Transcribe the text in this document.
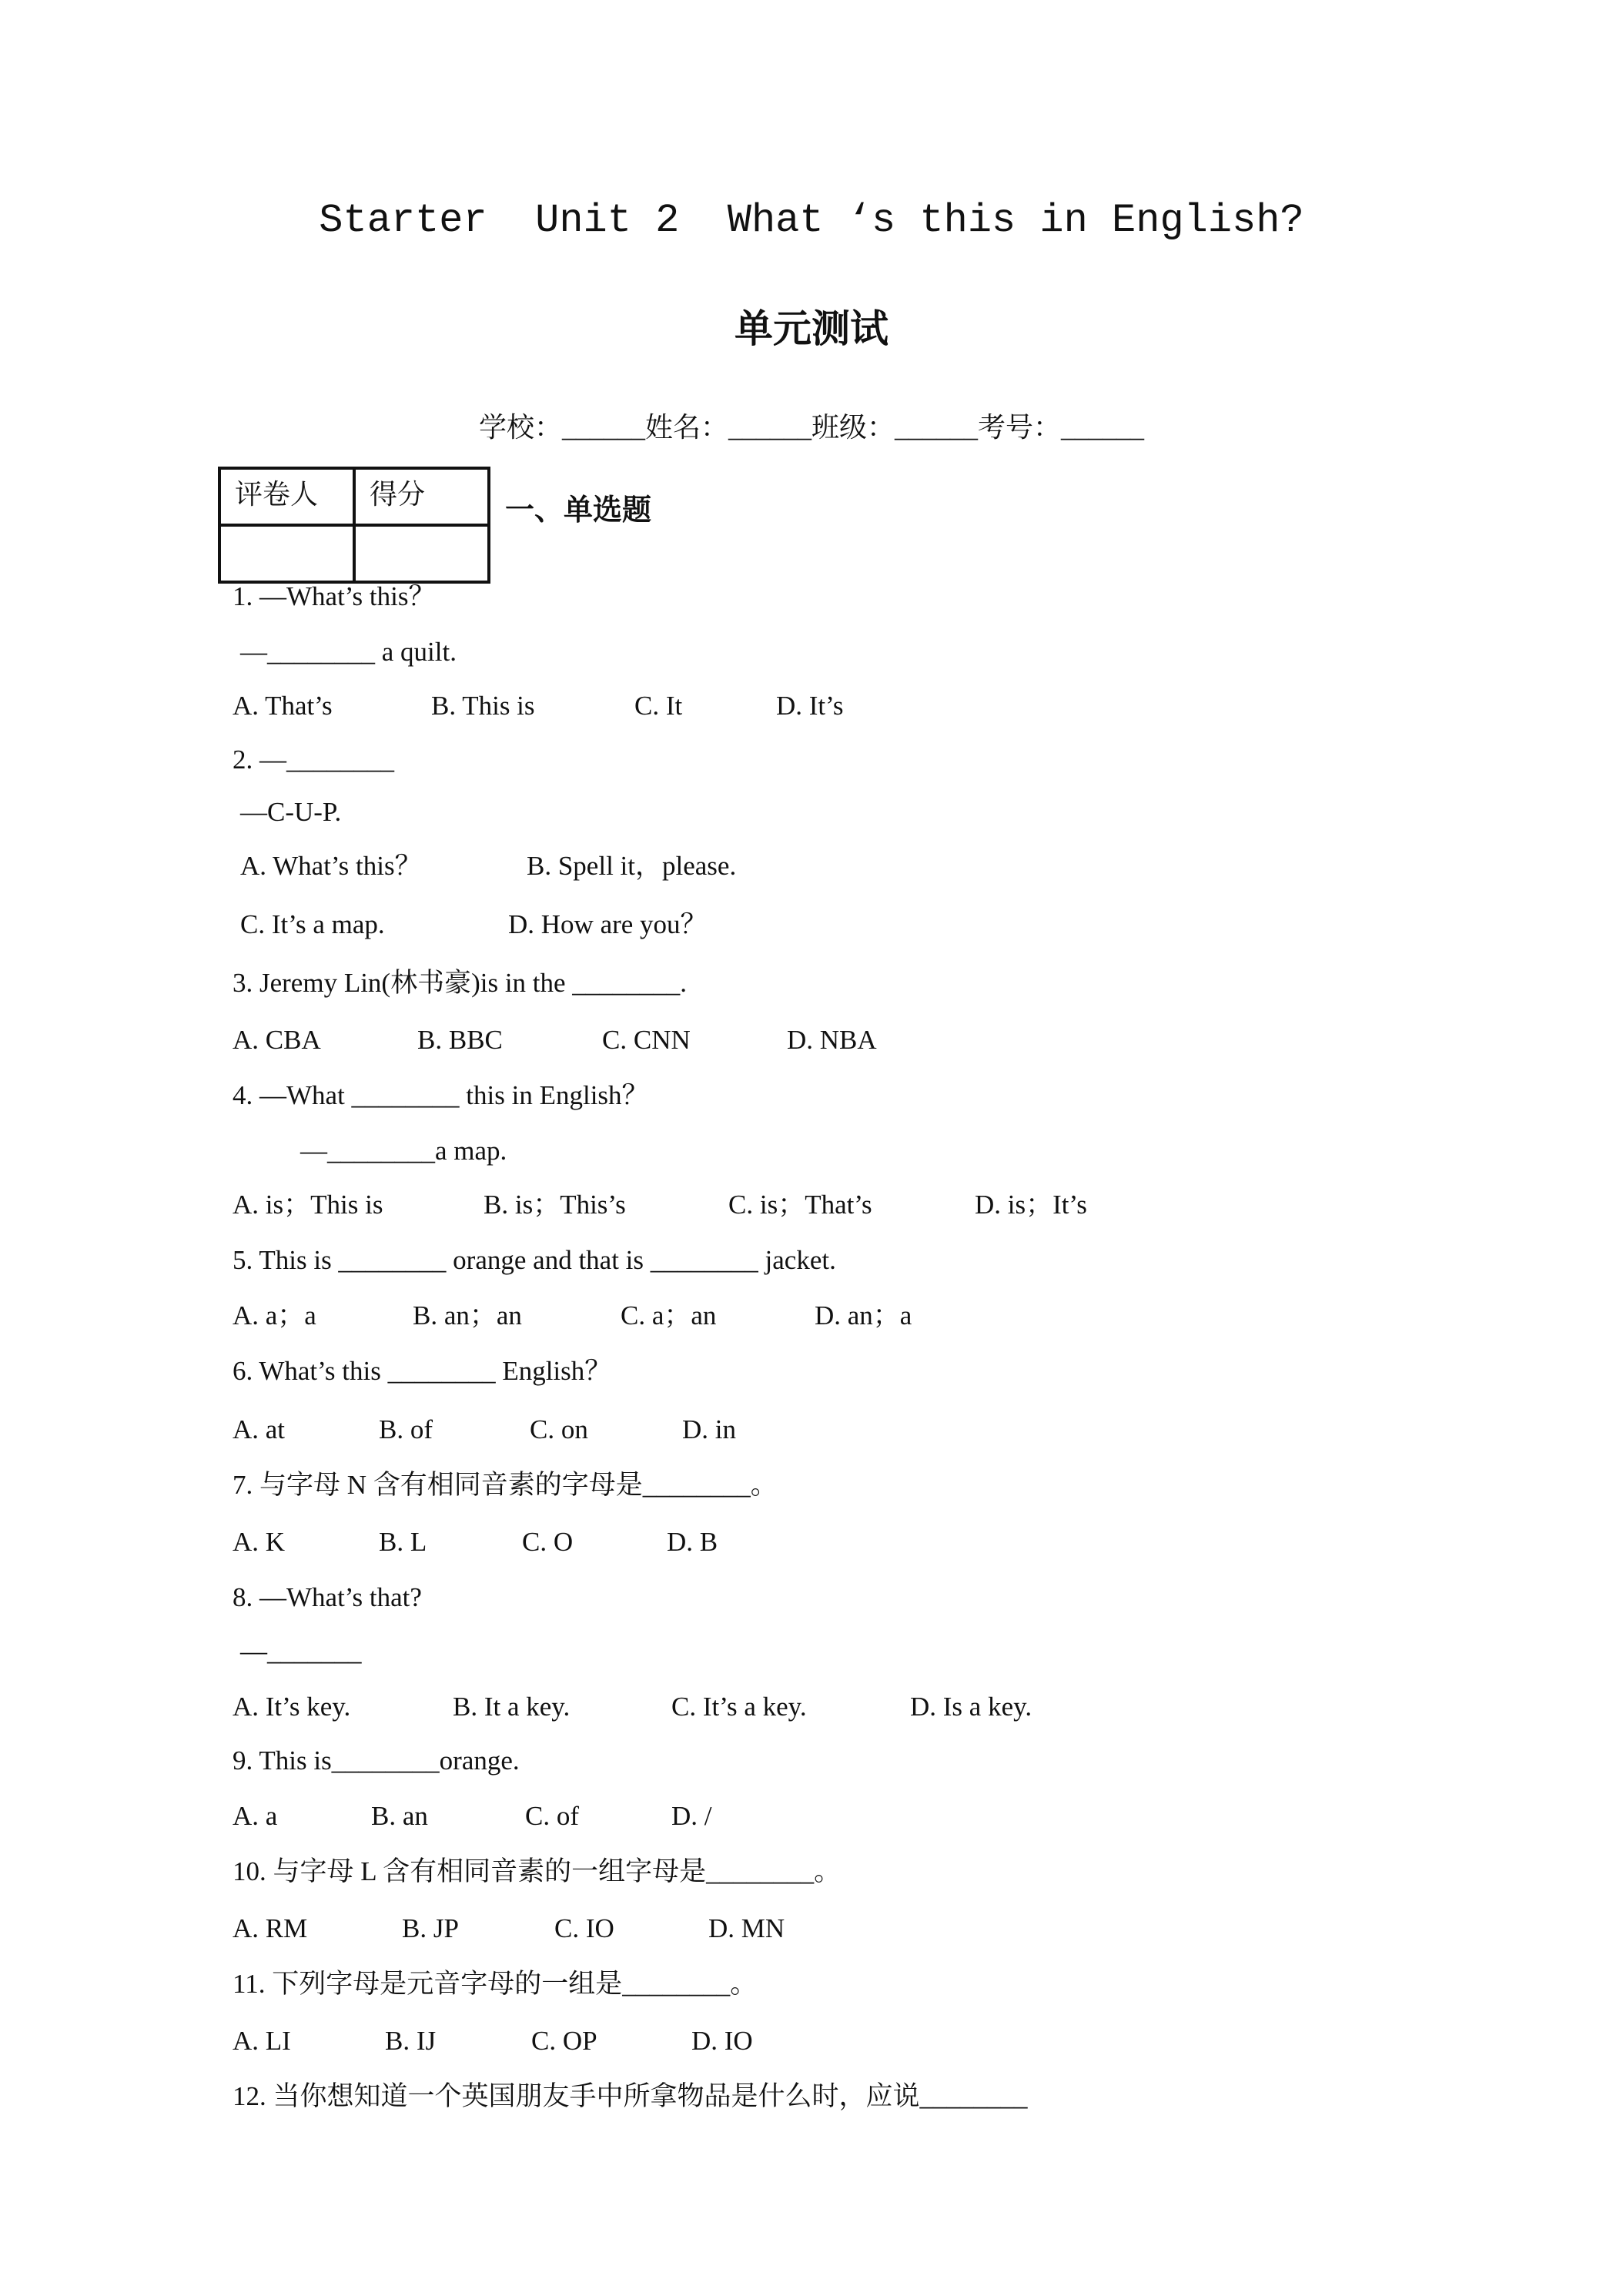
Starter  Unit 2  What ‘s this in English?
单元测试
学校：______姓名：______班级：______考号：______
评卷人	得分
		一、单选题
1. —What’s this？
—________ a quilt.
A. That’s	B. This is	C. It	D. It’s
2. —________
—C-U-P.
A. What’s this？	B. Spell it，please.
C. It’s a map.	D. How are you？
3. Jeremy Lin(林书豪)is in the ________.
A. CBA	B. BBC	C. CNN	D. NBA
4. —What ________ this in English？
—________a map.
A. is；This is	B. is；This’s	C. is；That’s	D. is；It’s
5. This is ________ orange and that is ________ jacket.
A. a；a	B. an；an	C. a；an	D. an；a
6. What’s this ________ English？
A. at	B. of	C. on	D. in
7. 与字母 N 含有相同音素的字母是________。
A. K	B. L	C. O	D. B
8. —What’s that?
—_______
A. It’s key.	B. It a key.	C. It’s a key.	D. Is a key.
9. This is________orange.
A. a	B. an	C. of	D. /
10. 与字母 L 含有相同音素的一组字母是________。
A. RM	B. JP	C. IO	D. MN
11. 下列字母是元音字母的一组是________。
A. LI	B. IJ	C. OP	D. IO
12. 当你想知道一个英国朋友手中所拿物品是什么时，应说________
